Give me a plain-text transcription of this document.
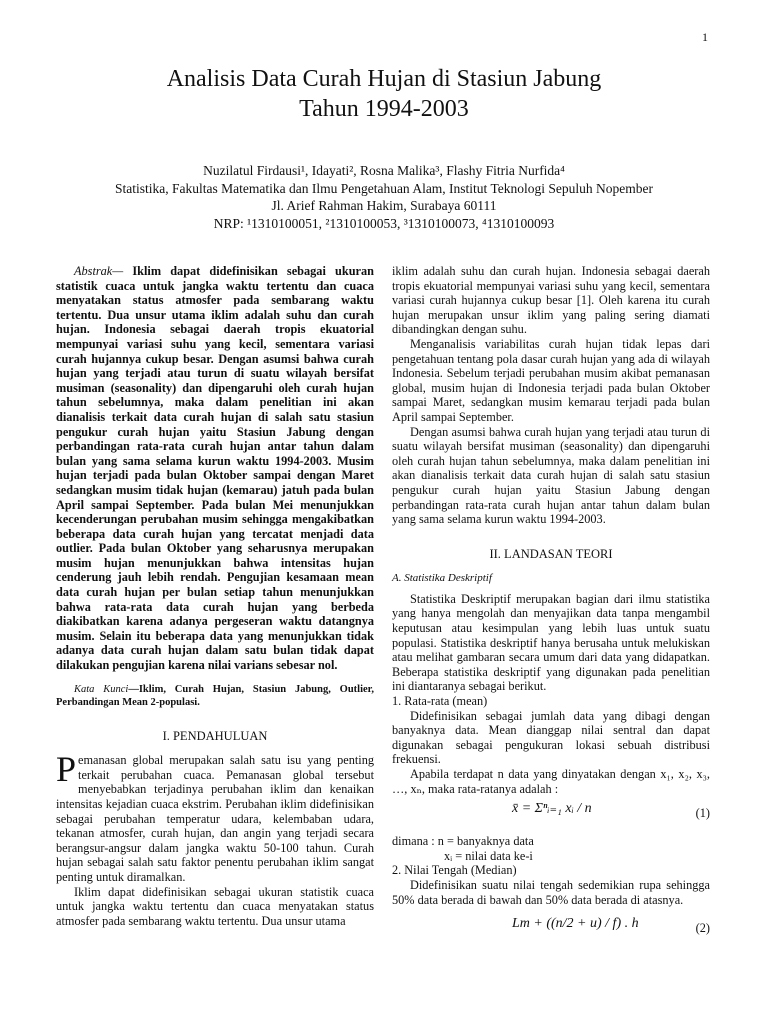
1
Analisis Data Curah Hujan di Stasiun Jabung
Tahun 1994-2003
Nuzilatul Firdausi¹, Idayati², Rosna Malika³, Flashy Fitria Nurfida⁴
Statistika, Fakultas Matematika dan Ilmu Pengetahuan Alam, Institut Teknologi Sepuluh Nopember
Jl. Arief Rahman Hakim, Surabaya 60111
NRP: ¹1310100051, ²1310100053, ³1310100073, ⁴1310100093

Abstrak— Iklim dapat didefinisikan sebagai ukuran statistik cuaca untuk jangka waktu tertentu dan cuaca menyatakan status atmosfer pada sembarang waktu tertentu. Dua unsur utama iklim adalah suhu dan curah hujan. Indonesia sebagai daerah tropis ekuatorial mempunyai variasi suhu yang kecil, sementara variasi curah hujannya cukup besar. Dengan asumsi bahwa curah hujan yang terjadi atau turun di suatu wilayah bersifat musiman (seasonality) dan dipengaruhi oleh curah hujan tahun sebelumnya, maka dalam penelitian ini akan dianalisis terkait data curah hujan di salah satu stasiun pengukur curah hujan yaitu Stasiun Jabung dengan perbandingan rata-rata curah hujan antar tahun dalam bulan yang sama selama kurun waktu 1994-2003. Musim hujan terjadi pada bulan Oktober sampai dengan Maret sedangkan musim tidak hujan (kemarau) jatuh pada bulan April sampai September. Pada bulan Mei menunjukkan kecenderungan perubahan musim sehingga mengakibatkan beberapa data curah hujan yang tercatat menjadi data outlier. Pada bulan Oktober yang seharusnya merupakan musim hujan menunjukkan bahwa intensitas hujan cenderung jauh lebih rendah. Pengujian kesamaan mean data curah hujan per bulan setiap tahun menunjukkan bahwa rata-rata data curah hujan yang berbeda diakibatkan karena adanya pergeseran waktu datangnya musim. Selain itu beberapa data yang menunjukkan tidak adanya data curah hujan dalam satu bulan tidak dapat dilakukan pengujian karena nilai varians sebesar nol.

Kata Kunci—Iklim, Curah Hujan, Stasiun Jabung, Outlier, Perbandingan Mean 2-populasi.

I. PENDAHULUAN

Pemanasan global merupakan salah satu isu yang penting terkait perubahan cuaca. Pemanasan global tersebut menyebabkan terjadinya perubahan iklim dan kenaikan intensitas kejadian cuaca ekstrim. Perubahan iklim didefinisikan sebagai perubahan temperatur udara, kelembaban udara, tekanan atmosfer, curah hujan, dan angin yang terjadi secara berangsur-angsur dalam jangka waktu 50-100 tahun. Curah hujan sebagai salah satu faktor penentu perubahan iklim sangat penting untuk diramalkan.

Iklim dapat didefinisikan sebagai ukuran statistik cuaca untuk jangka waktu tertentu dan cuaca menyatakan status atmosfer pada sembarang waktu tertentu. Dua unsur utama

iklim adalah suhu dan curah hujan. Indonesia sebagai daerah tropis ekuatorial mempunyai variasi suhu yang kecil, sementara variasi curah hujannya cukup besar [1]. Oleh karena itu curah hujan merupakan unsur iklim yang paling sering diamati dibandingkan dengan suhu.

Menganalisis variabilitas curah hujan tidak lepas dari pengetahuan tentang pola dasar curah hujan yang ada di wilayah Indonesia. Sebelum terjadi perubahan musim akibat pemanasan global, musim hujan di Indonesia terjadi pada bulan Oktober sampai Maret, sedangkan musim kemarau terjadi pada bulan April sampai September.

Dengan asumsi bahwa curah hujan yang terjadi atau turun di suatu wilayah bersifat musiman (seasonality) dan dipengaruhi oleh curah hujan tahun sebelumnya, maka dalam penelitian ini akan dianalisis terkait data curah hujan di salah satu stasiun pengukur curah hujan yaitu Stasiun Jabung dengan perbandingan rata-rata curah hujan antar tahun dalam bulan yang sama selama kurun waktu 1994-2003.

II. LANDASAN TEORI
A. Statistika Deskriptif

Statistika Deskriptif merupakan bagian dari ilmu statistika yang hanya mengolah dan menyajikan data tanpa mengambil keputusan atau kesimpulan yang lebih luas untuk suatu populasi. Statistika deskriptif hanya berusaha untuk melukiskan atau melihat gambaran secara umum dari data yang didapatkan. Beberapa statistika deskriptif yang digunakan pada penelitian ini diantaranya sebagai berikut.

1. Rata-rata (mean)

Didefinisikan sebagai jumlah data yang dibagi dengan banyaknya data. Mean dianggap nilai sentral dan dapat digunakan sebagai pengukuran lokasi sebuah distribusi frekuensi.

Apabila terdapat n data yang dinyatakan dengan x₁, x₂, x₃, …, xₙ, maka rata-ratanya adalah :

x̄ = Σⁿᵢ₌₁ xᵢ / n	(1)

dimana : n = banyaknya data

xᵢ = nilai data ke-i

2. Nilai Tengah (Median)

Didefinisikan suatu nilai tengah sedemikian rupa sehingga 50% data berada di bawah dan 50% data berada di atasnya.

Lm + ((n/2 + u) / f) . h	(2)
